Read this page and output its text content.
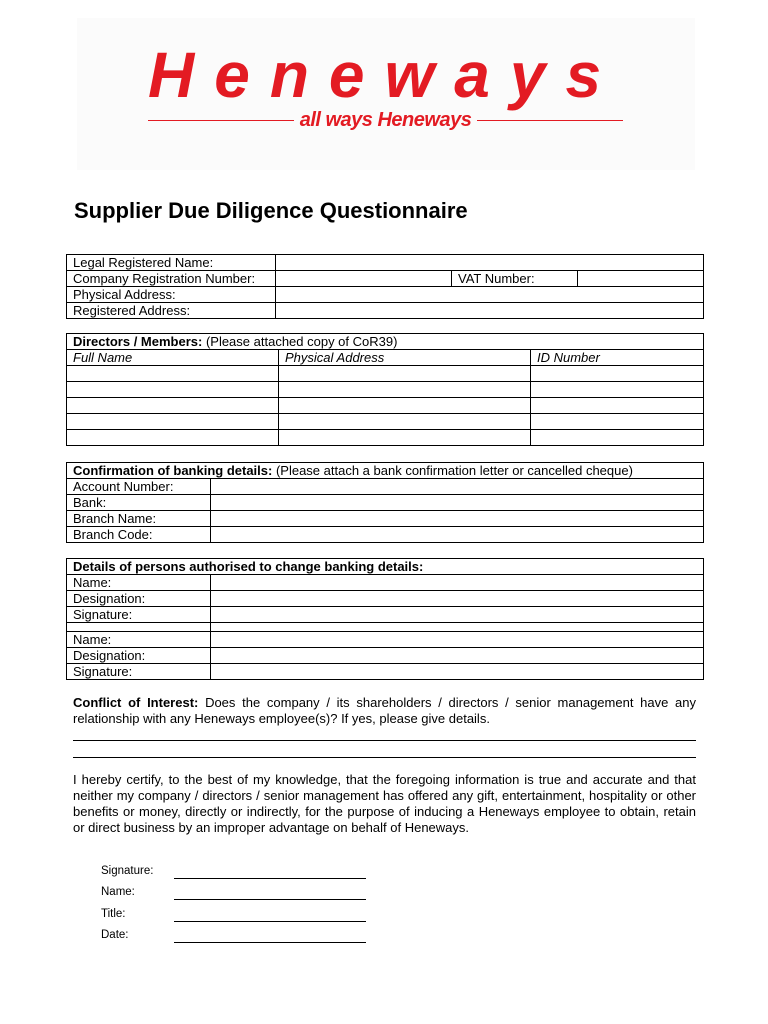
Heneways
all ways Heneways
Supplier Due Diligence Questionnaire
Legal Registered Name:			
Company Registration Number:		VAT Number:	
Physical Address:			
Registered Address:			
Directors / Members: (Please attached copy of CoR39)		
Full Name	Physical Address	ID Number

Confirmation of banking details: (Please attach a bank confirmation letter or cancelled cheque)	
Account Number:	
Bank:	
Branch Name:	
Branch Code:	
Details of persons authorised to change banking details:	
Name:	
Designation:	
Signature:	

Name:	
Designation:	
Signature:	
Conflict of Interest: Does the company / its shareholders / directors / senior management have any relationship with any Heneways employee(s)? If yes, please give details.
I hereby certify, to the best of my knowledge, that the foregoing information is true and accurate and that neither my company / directors / senior management has offered any gift, entertainment, hospitality or other benefits or money, directly or indirectly, for the purpose of inducing a Heneways employee to obtain, retain or direct business by an improper advantage on behalf of Heneways.
Signature:
Name:
Title:
Date:
